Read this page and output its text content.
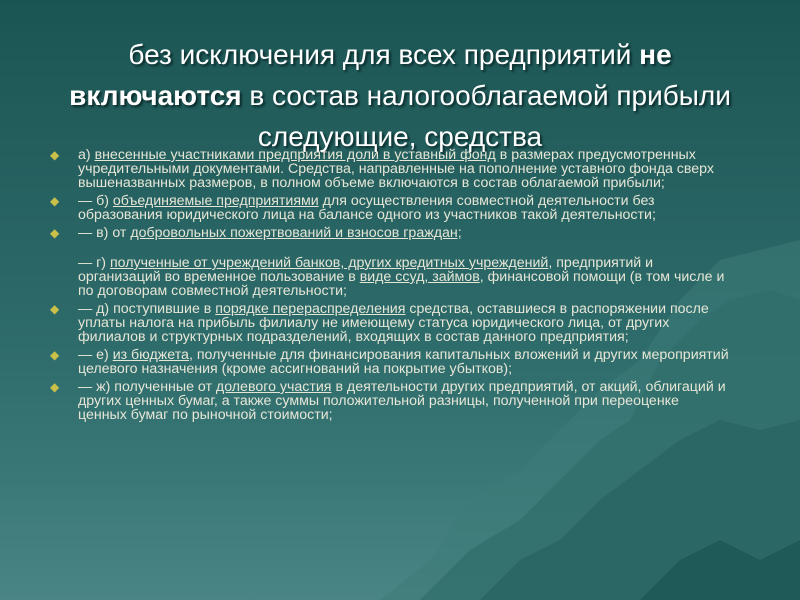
без исключения для всех предприятий не включаются в состав налогооблагаемой прибыли следующие, средства
◆ а) внесенные участниками предприятия доли в уставный фонд в размерах предусмотренных учредительными документами. Средства, направленные на пополнение уставного фонда сверх вышеназванных размеров, в полном объеме включаются в состав облагаемой прибыли;
◆ — б) объединяемые предприятиями для осуществления совместной деятельности без образования юридического лица на балансе одного из участников такой деятельности;
◆ — в) от добровольных пожертвований и взносов граждан;
— г) полученные от учреждений банков, других кредитных учреждений, предприятий и организаций во временное пользование в виде ссуд, займов, финансовой помощи (в том числе и по договорам совместной деятельности;
◆ — д) поступившие в порядке перераспределения средства, оставшиеся в распоряжении после уплаты налога на прибыль филиалу не имеющему статуса юридического лица, от других филиалов и структурных подразделений, входящих в состав данного предприятия;
◆ — е) из бюджета, полученные для финансирования капитальных вложений и других мероприятий целевого назначения (кроме ассигнований на покрытие убытков);
◆ — ж) полученные от долевого участия в деятельности других предприятий, от акций, облигаций и других ценных бумаг, а также суммы положительной разницы, полученной при переоценке ценных бумаг по рыночной стоимости;
